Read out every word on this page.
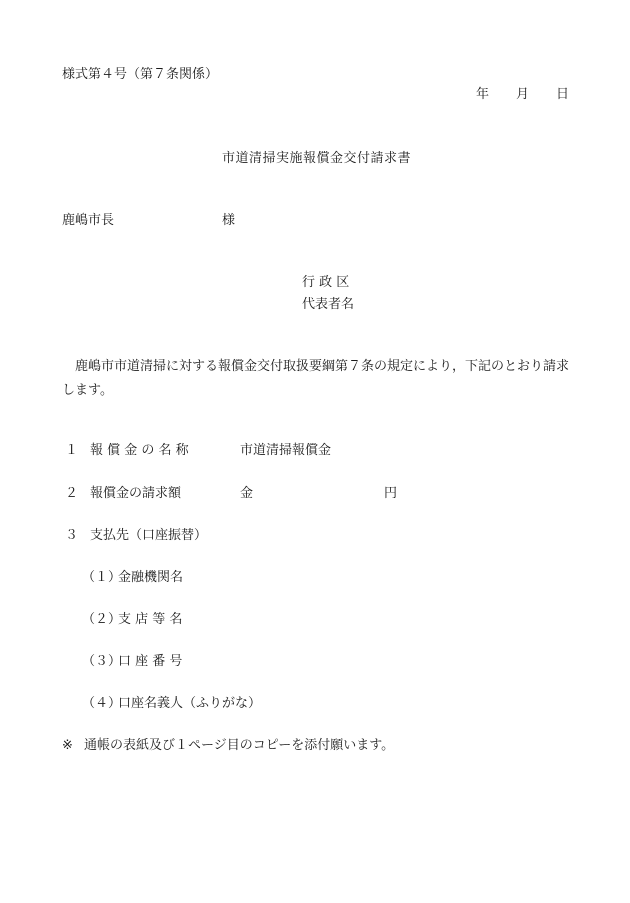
様式第４号（第７条関係）
年 月 日
市道清掃実施報償金交付請求書
鹿嶋市長	様
行 政 区
代表者名
鹿嶋市市道清掃に対する報償金交付取扱要綱第７条の規定により，下記のとおり請求します。
１ 報 償 金 の 名 称	市道清掃報償金
２ 報償金の請求額	金	円
３ 支払先（口座振替）
（１）
金融機関名
（２）
支 店 等 名
（３）
口 座 番 号
（４）
口座名義人（ふりがな）
※ 通帳の表紙及び１ページ目のコピーを添付願います。
